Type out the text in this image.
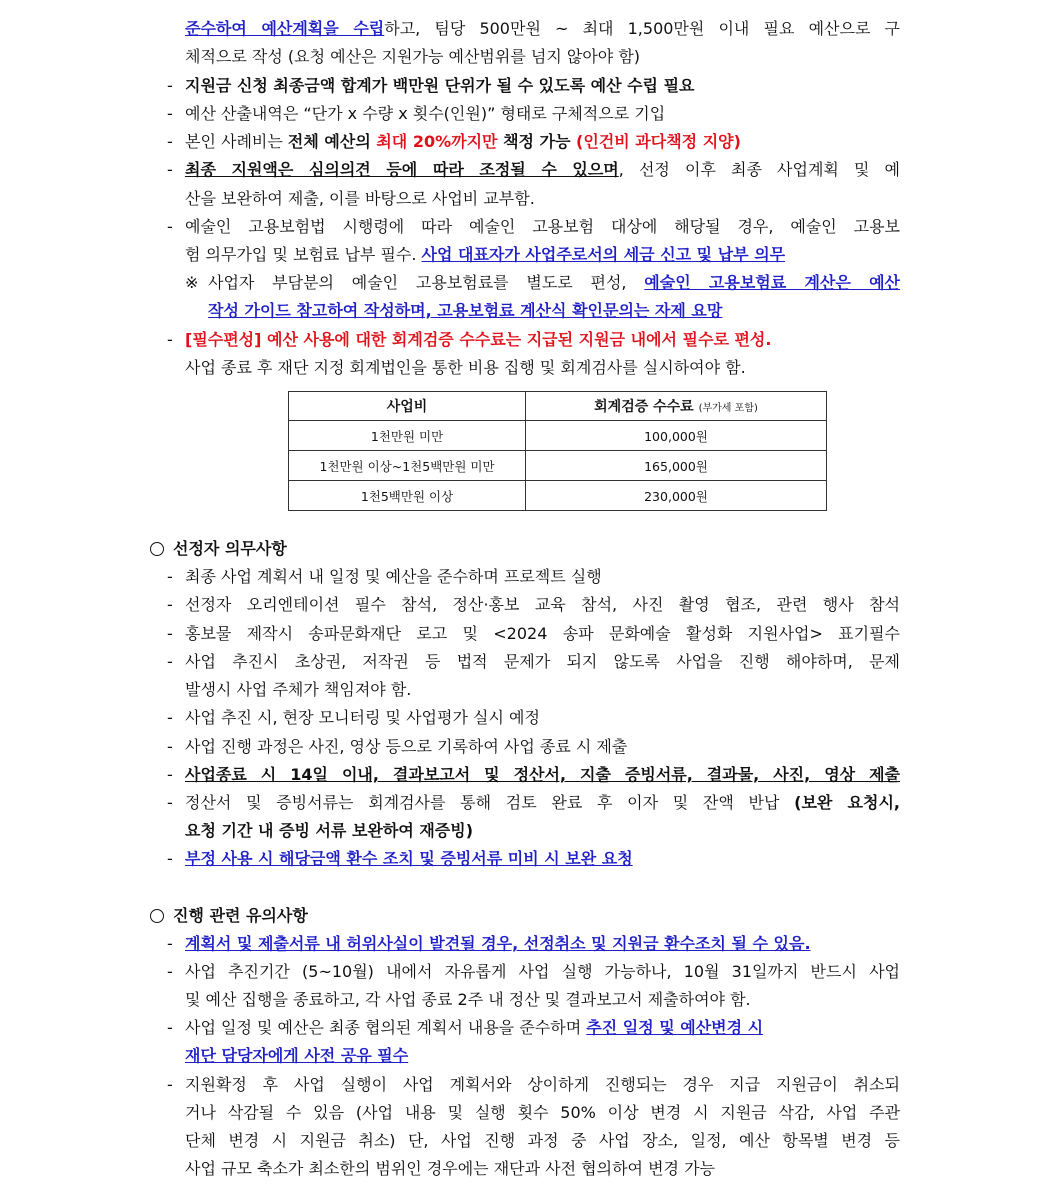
준수하여 예산계획을 수립하고, 팀당 500만원 ~ 최대 1,500만원 이내 필요 예산으로 구
체적으로 작성 (요청 예산은 지원가능 예산범위를 넘지 않아야 함)
- 지원금 신청 최종금액 합계가 백만원 단위가 될 수 있도록 예산 수립 필요
- 예산 산출내역은 “단가 x 수량 x 횟수(인원)” 형태로 구체적으로 기입
- 본인 사례비는 전체 예산의 최대 20%까지만 책정 가능 (인건비 과다책정 지양)
- 최종 지원액은 심의의견 등에 따라 조정될 수 있으며, 선정 이후 최종 사업계획 및 예
산을 보완하여 제출, 이를 바탕으로 사업비 교부함.
- 예술인 고용보험법 시행령에 따라 예술인 고용보험 대상에 해당될 경우, 예술인 고용보
험 의무가입 및 보험료 납부 필수. 사업 대표자가 사업주로서의 세금 신고 및 납부 의무
※ 사업자 부담분의 예술인 고용보험료를 별도로 편성, 예술인 고용보험료 계산은 예산
작성 가이드 참고하여 작성하며, 고용보험료 계산식 확인문의는 자제 요망
- [필수편성] 예산 사용에 대한 회계검증 수수료는 지급된 지원금 내에서 필수로 편성.
사업 종료 후 재단 지정 회계법인을 통한 비용 집행 및 회계검사를 실시하여야 함.
사업비	회계검증 수수료 (부가세 포함)
1천만원 미만	100,000원
1천만원 이상~1천5백만원 미만	165,000원
1천5백만원 이상	230,000원
선정자 의무사항
- 최종 사업 계획서 내 일정 및 예산을 준수하며 프로젝트 실행
- 선정자 오리엔테이션 필수 참석, 정산·홍보 교육 참석, 사진 촬영 협조, 관련 행사 참석
- 홍보물 제작시 송파문화재단 로고 및 <2024 송파 문화예술 활성화 지원사업> 표기필수
- 사업 추진시 초상권, 저작권 등 법적 문제가 되지 않도록 사업을 진행 해야하며, 문제
발생시 사업 주체가 책임져야 함.
- 사업 추진 시, 현장 모니터링 및 사업평가 실시 예정
- 사업 진행 과정은 사진, 영상 등으로 기록하여 사업 종료 시 제출
- 사업종료 시 14일 이내, 결과보고서 및 정산서, 지출 증빙서류, 결과물, 사진, 영상 제출
- 정산서 및 증빙서류는 회계검사를 통해 검토 완료 후 이자 및 잔액 반납 (보완 요청시,
요청 기간 내 증빙 서류 보완하여 재증빙)
- 부정 사용 시 해당금액 환수 조치 및 증빙서류 미비 시 보완 요청
진행 관련 유의사항
- 계획서 및 제출서류 내 허위사실이 발견될 경우, 선정취소 및 지원금 환수조치 될 수 있음.
- 사업 추진기간 (5~10월) 내에서 자유롭게 사업 실행 가능하나, 10월 31일까지 반드시 사업
및 예산 집행을 종료하고, 각 사업 종료 2주 내 정산 및 결과보고서 제출하여야 함.
- 사업 일정 및 예산은 최종 협의된 계획서 내용을 준수하며 추진 일정 및 예산변경 시
재단 담당자에게 사전 공유 필수
- 지원확정 후 사업 실행이 사업 계획서와 상이하게 진행되는 경우 지급 지원금이 취소되
거나 삭감될 수 있음 (사업 내용 및 실행 횟수 50% 이상 변경 시 지원금 삭감, 사업 주관
단체 변경 시 지원금 취소) 단, 사업 진행 과정 중 사업 장소, 일정, 예산 항목별 변경 등
사업 규모 축소가 최소한의 범위인 경우에는 재단과 사전 협의하여 변경 가능
